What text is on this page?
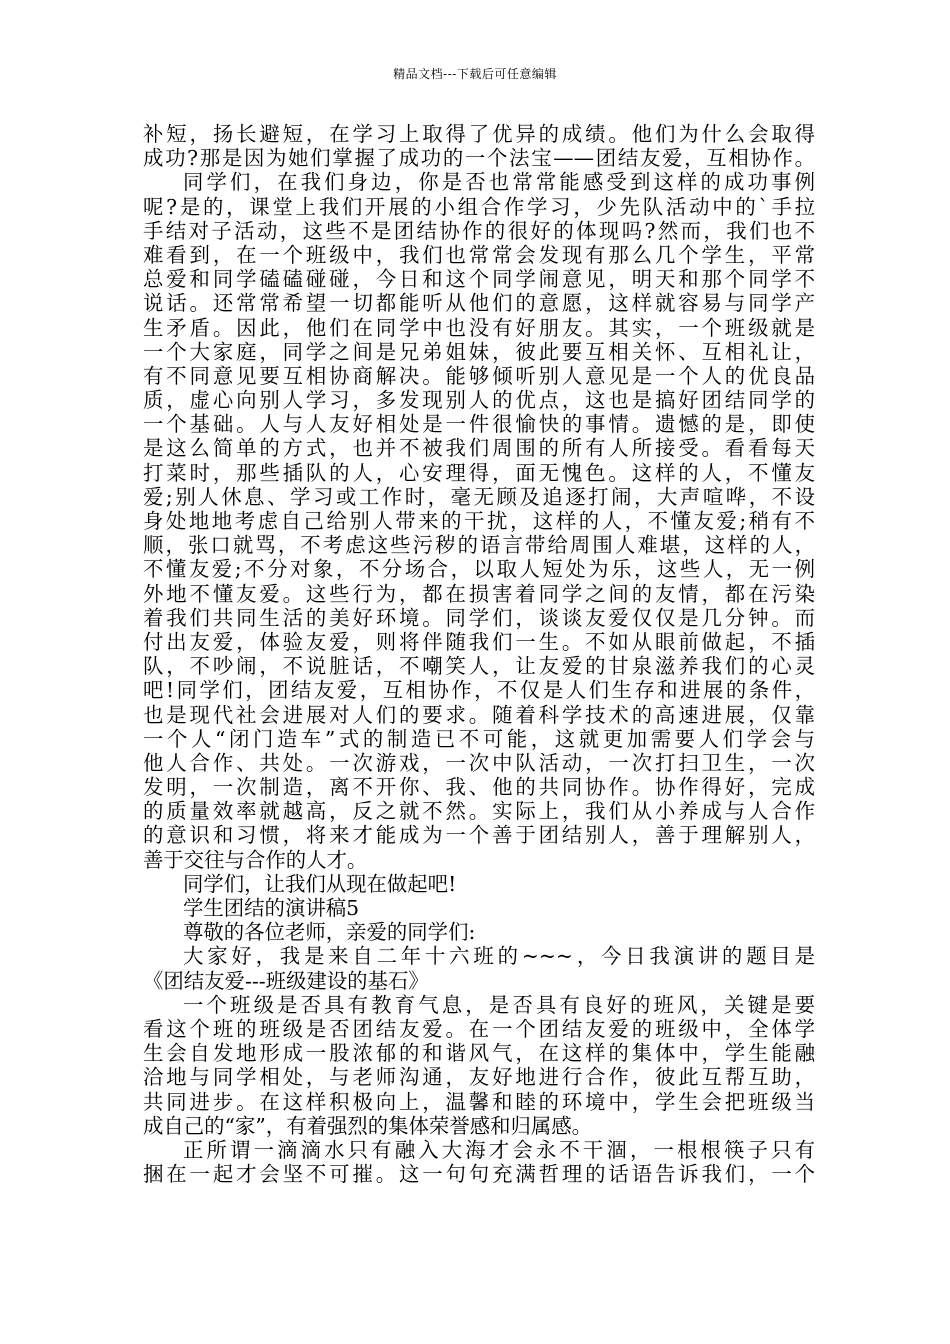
精品文档---下载后可任意编辑
补短，扬长避短，在学习上取得了优异的成绩。他们为什么会取得
成功?那是因为她们掌握了成功的一个法宝——团结友爱，互相协作。
同学们，在我们身边，你是否也常常能感受到这样的成功事例
呢?是的，课堂上我们开展的小组合作学习，少先队活动中的`手拉
手结对子活动，这些不是团结协作的很好的体现吗?然而，我们也不
难看到，在一个班级中，我们也常常会发现有那么几个学生，平常
总爱和同学磕磕碰碰，今日和这个同学闹意见，明天和那个同学不
说话。还常常希望一切都能听从他们的意愿，这样就容易与同学产
生矛盾。因此，他们在同学中也没有好朋友。其实，一个班级就是
一个大家庭，同学之间是兄弟姐妹，彼此要互相关怀、互相礼让，
有不同意见要互相协商解决。能够倾听别人意见是一个人的优良品
质，虚心向别人学习，多发现别人的优点，这也是搞好团结同学的
一个基础。人与人友好相处是一件很愉快的事情。遗憾的是，即使
是这么简单的方式，也并不被我们周围的所有人所接受。看看每天
打菜时，那些插队的人，心安理得，面无愧色。这样的人，不懂友
爱;别人休息、学习或工作时，毫无顾及追逐打闹，大声喧哗，不设
身处地地考虑自己给别人带来的干扰，这样的人，不懂友爱;稍有不
顺，张口就骂，不考虑这些污秽的语言带给周围人难堪，这样的人，
不懂友爱;不分对象，不分场合，以取人短处为乐，这些人，无一例
外地不懂友爱。这些行为，都在损害着同学之间的友情，都在污染
着我们共同生活的美好环境。同学们，谈谈友爱仅仅是几分钟。而
付出友爱，体验友爱，则将伴随我们一生。不如从眼前做起，不插
队，不吵闹，不说脏话，不嘲笑人，让友爱的甘泉滋养我们的心灵
吧!同学们，团结友爱，互相协作，不仅是人们生存和进展的条件，
也是现代社会进展对人们的要求。随着科学技术的高速进展，仅靠
一个人“闭门造车”式的制造已不可能，这就更加需要人们学会与
他人合作、共处。一次游戏，一次中队活动，一次打扫卫生，一次
发明，一次制造，离不开你、我、他的共同协作。协作得好，完成
的质量效率就越高，反之就不然。实际上，我们从小养成与人合作
的意识和习惯，将来才能成为一个善于团结别人，善于理解别人，
善于交往与合作的人才。
同学们，让我们从现在做起吧!
学生团结的演讲稿5
尊敬的各位老师，亲爱的同学们:
大家好，我是来自二年十六班的~~~，今日我演讲的题目是
《团结友爱---班级建设的基石》
一个班级是否具有教育气息，是否具有良好的班风，关键是要
看这个班的班级是否团结友爱。在一个团结友爱的班级中，全体学
生会自发地形成一股浓郁的和谐风气，在这样的集体中，学生能融
洽地与同学相处，与老师沟通，友好地进行合作，彼此互帮互助，
共同进步。在这样积极向上，温馨和睦的环境中，学生会把班级当
成自己的“家”，有着强烈的集体荣誉感和归属感。
正所谓一滴滴水只有融入大海才会永不干涸，一根根筷子只有
捆在一起才会坚不可摧。这一句句充满哲理的话语告诉我们，一个
